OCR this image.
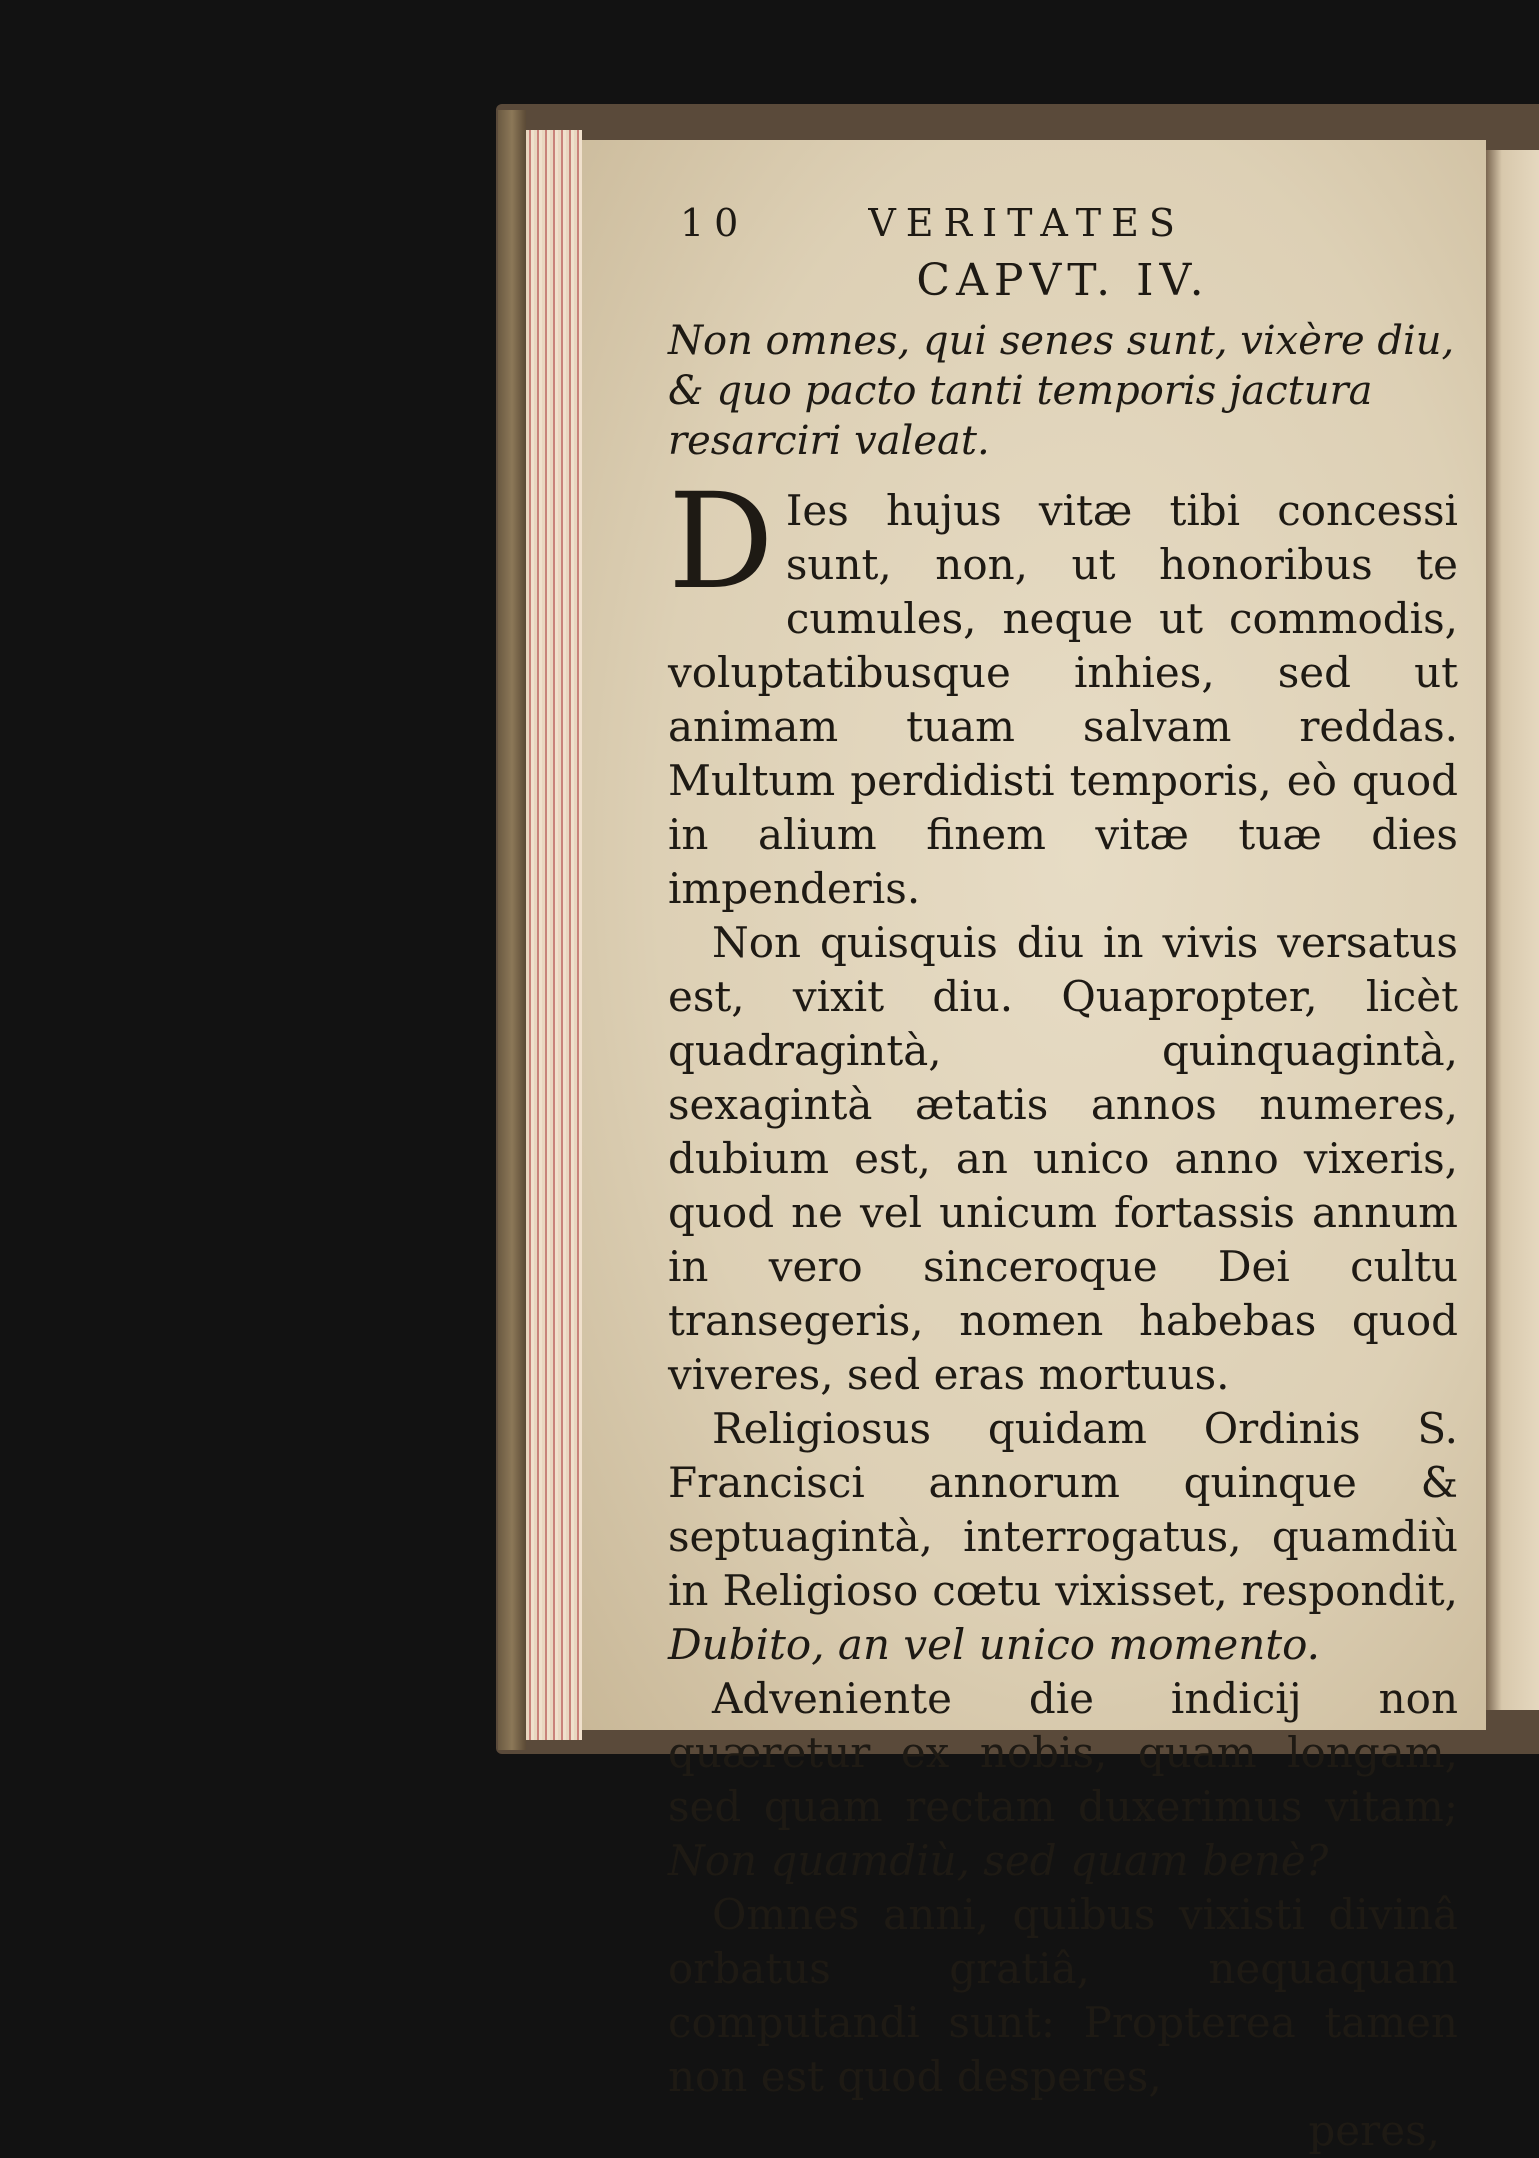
10	VERITATES
CAPVT. IV.
Non omnes, qui senes sunt, vixère diu, & quo pacto tanti temporis jactura resarciri valeat.

D Ies hujus vitæ tibi concessi sunt, non, ut honoribus te cumules, neque ut commodis, voluptatibusque inhies, sed ut animam tuam salvam reddas. Multum perdidisti temporis, eò quod in alium finem vitæ tuæ dies impenderis.

Non quisquis diu in vivis versatus est, vixit diu. Quapropter, licèt quadragintà, quinquagintà, sexagintà ætatis annos numeres, dubium est, an unico anno vixeris, quod ne vel unicum fortassis annum in vero sinceroque Dei cultu transegeris, nomen habebas quod viveres, sed eras mortuus.

Religiosus quidam Ordinis S. Francisci annorum quinque & septuagintà, interrogatus, quamdiù in Religioso cœtu vixisset, respondit, Dubito, an vel unico momento.

Adveniente die indicij non quæretur ex nobis, quam longam, sed quam rectam duxerimus vitam; Non quamdiù, sed quam benè?

Omnes anni, quibus vixisti divinâ orbatus gratiâ, nequaquam computandi sunt: Propterea tamen non est quod desperes,

peres,
